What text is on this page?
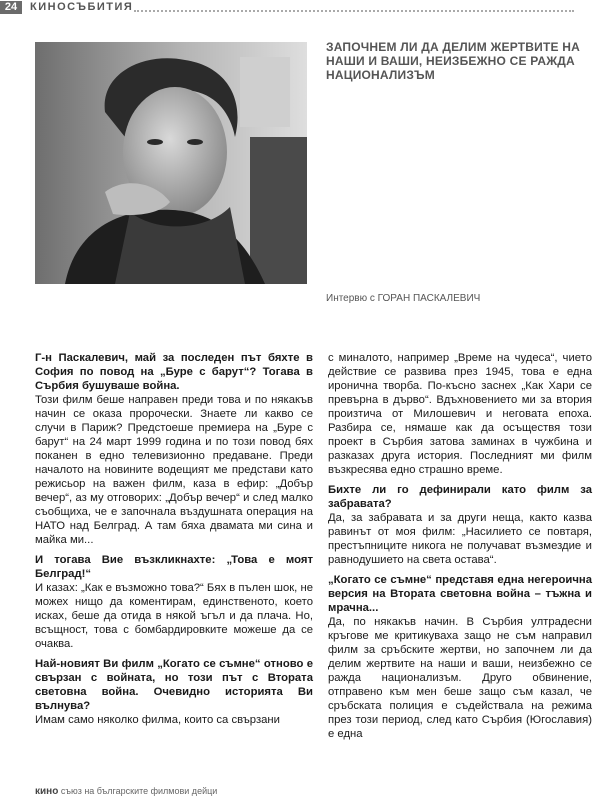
24	КИНОСЪБИТИЯ
ЗАПОЧНЕМ ЛИ ДА ДЕЛИМ ЖЕРТВИТЕ НА НАШИ И ВАШИ, НЕИЗБЕЖНО СЕ РАЖДА НАЦИОНАЛИЗЪМ
Интервю с ГОРАН ПАСКАЛЕВИЧ

Г-н Паскалевич, май за последен път бяхте в София по повод на „Буре с барут“? Тогава в Сърбия бушуваше война.

Този филм беше направен преди това и по някакъв начин се оказа пророчески. Знаете ли какво се случи в Париж? Предстоеше премиера на „Буре с барут“ на 24 март 1999 година и по този повод бях поканен в едно телевизионно предаване. Преди началото на новините водещият ме представи като режисьор на важен филм, каза в ефир: „Добър вечер“, аз му отговорих: „Добър вечер“ и след малко съобщиха, че е започнала въздушната операция на НАТО над Белград. А там бяха двамата ми сина и майка ми...

И тогава Вие възкликнахте: „Това е моят Белград!“

И казах: „Как е възможно това?“ Бях в пълен шок, не можех нищо да коментирам, единственото, което исках, беше да отида в някой ъгъл и да плача. Но, всъщност, това с бомбардировките можеше да се очаква.

Най-новият Ви филм „Когато се съмне“ отново е свързан с войната, но този път с Втората световна война. Очевидно историята Ви вълнува?

Имам само няколко филма, които са свързани

с миналото, например „Време на чудеса“, чието действие се развива през 1945, това е една иронична творба. По-късно заснех „Как Хари се превърна в дърво“. Вдъхновението ми за втория произтича от Милошевич и неговата епоха. Разбира се, нямаше как да осъществя този проект в Сърбия затова заминах в чужбина и разказах друга история. Последният ми филм възкресява едно страшно време.

Бихте ли го дефинирали като филм за забравата?

Да, за забравата и за други неща, както казва равинът от моя филм: „Насилието се повтаря, престъпниците никога не получават възмездие и равнодушието на света остава“.

„Когато се съмне“ представя една негероична версия на Втората световна война – тъжна и мрачна...

Да, по някакъв начин. В Сърбия ултрадесни кръгове ме критикуваха защо не съм направил филм за сръбските жертви, но започнем ли да делим жертвите на наши и ваши, неизбежно се ражда национализъм. Друго обвинение, отправено към мен беше защо съм казал, че сръбската полиция е съдействала на режима през този период, след като Сърбия (Югославия) е една

кино съюз на българските филмови дейци
